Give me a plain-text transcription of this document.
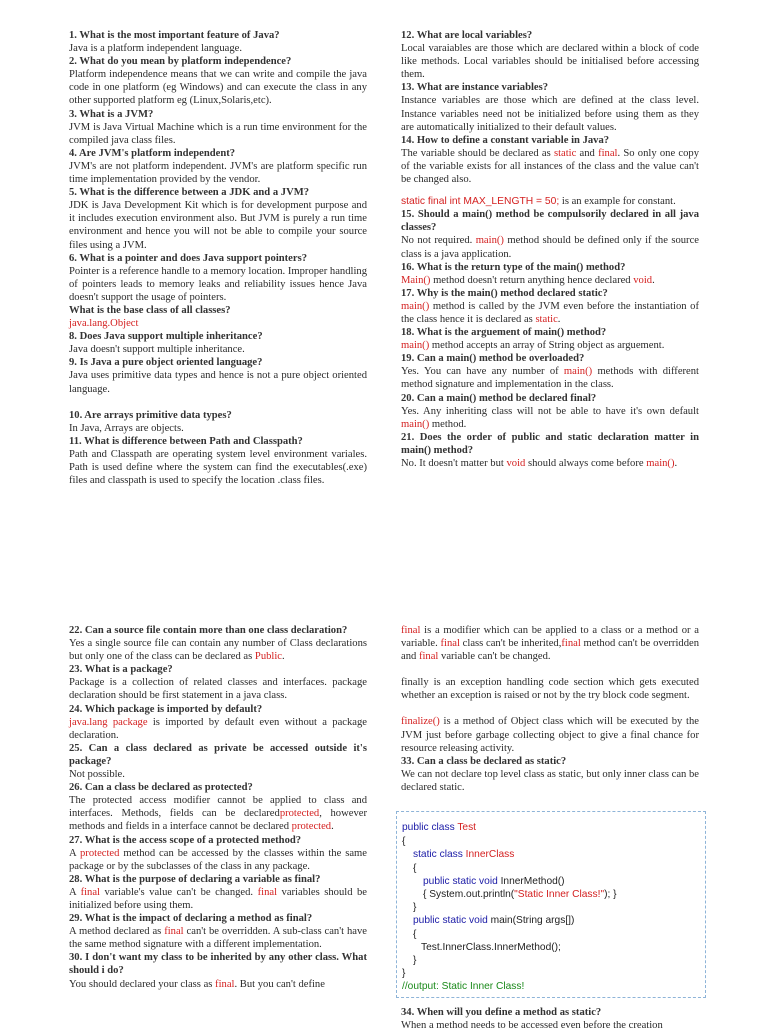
1. What is the most important feature of Java?
Java is a platform independent language.
2. What do you mean by platform independence?
Platform independence means that we can write and compile the java code in one platform (eg Windows) and can execute the class in any other supported platform eg (Linux,Solaris,etc).
3. What is a JVM?
JVM is Java Virtual Machine which is a run time environment for the compiled java class files.
4. Are JVM's platform independent?
JVM's are not platform independent. JVM's are platform specific run time implementation provided by the vendor.
5. What is the difference between a JDK and a JVM?
JDK is Java Development Kit which is for development purpose and it includes execution environment also. But JVM is purely a run time environment and hence you will not be able to compile your source files using a JVM.
6. What is a pointer and does Java support pointers?
Pointer is a reference handle to a memory location. Improper handling of pointers leads to memory leaks and reliability issues hence Java doesn't support the usage of pointers.
What is the base class of all classes?
java.lang.Object
8. Does Java support multiple inheritance?
Java doesn't support multiple inheritance.
9. Is Java a pure object oriented language?
Java uses primitive data types and hence is not a pure object oriented language.
10. Are arrays primitive data types?
In Java, Arrays are objects.
11. What is difference between Path and Classpath?
Path and Classpath are operating system level environment variales. Path is used define where the system can find the executables(.exe) files and classpath is used to specify the location .class files.
12. What are local variables?
Local varaiables are those which are declared within a block of code like methods. Local variables should be initialised before accessing them.
13. What are instance variables?
Instance variables are those which are defined at the class level. Instance variables need not be initialized before using them as they are automatically initialized to their default values.
14. How to define a constant variable in Java?
The variable should be declared as static and final. So only one copy of the variable exists for all instances of the class and the value can't be changed also.
static final int MAX_LENGTH = 50; is an example for constant.
15. Should a main() method be compulsorily declared in all java classes?
No not required. main() method should be defined only if the source class is a java application.
16. What is the return type of the main() method?
Main() method doesn't return anything hence declared void.
17. Why is the main() method declared static?
main() method is called by the JVM even before the instantiation of the class hence it is declared as static.
18. What is the arguement of main() method?
main() method accepts an array of String object as arguement.
19. Can a main() method be overloaded?
Yes. You can have any number of main() methods with different method signature and implementation in the class.
20. Can a main() method be declared final?
Yes. Any inheriting class will not be able to have it's own default main() method.
21. Does the order of public and static declaration matter in main() method?
No. It doesn't matter but void should always come before main().
22. Can a source file contain more than one class declaration?
Yes a single source file can contain any number of Class declarations but only one of the class can be declared as Public.
23. What is a package?
Package is a collection of related classes and interfaces. package declaration should be first statement in a java class.
24. Which package is imported by default?
java.lang package is imported by default even without a package declaration.
25. Can a class declared as private be accessed outside it's package?
Not possible.
26. Can a class be declared as protected?
The protected access modifier cannot be applied to class and interfaces. Methods, fields can be declaredprotected, however methods and fields in a interface cannot be declared protected.
27. What is the access scope of a protected method?
A protected method can be accessed by the classes within the same package or by the subclasses of the class in any package.
28. What is the purpose of declaring a variable as final?
A final variable's value can't be changed. final variables should be initialized before using them.
29. What is the impact of declaring a method as final?
A method declared as final can't be overridden. A sub-class can't have the same method signature with a different implementation.
30. I don't want my class to be inherited by any other class. What should i do?
You should declared your class as final. But you can't define
final is a modifier which can be applied to a class or a method or a variable. final class can't be inherited,final method can't be overridden and final variable can't be changed.
finally is an exception handling code section which gets executed whether an exception is raised or not by the try block code segment.
finalize() is a method of Object class which will be executed by the JVM just before garbage collecting object to give a final chance for resource releasing activity.
33. Can a class be declared as static?
We can not declare top level class as static, but only inner class can be declared static.
34. When will you define a method as static?
When a method needs to be accessed even before the creation
public class Test
{
static class InnerClass
{
public static void InnerMethod()
{ System.out.println("Static Inner Class!"); }
}
public static void main(String args[])
{
Test.InnerClass.InnerMethod();
}
}
//output: Static Inner Class!
